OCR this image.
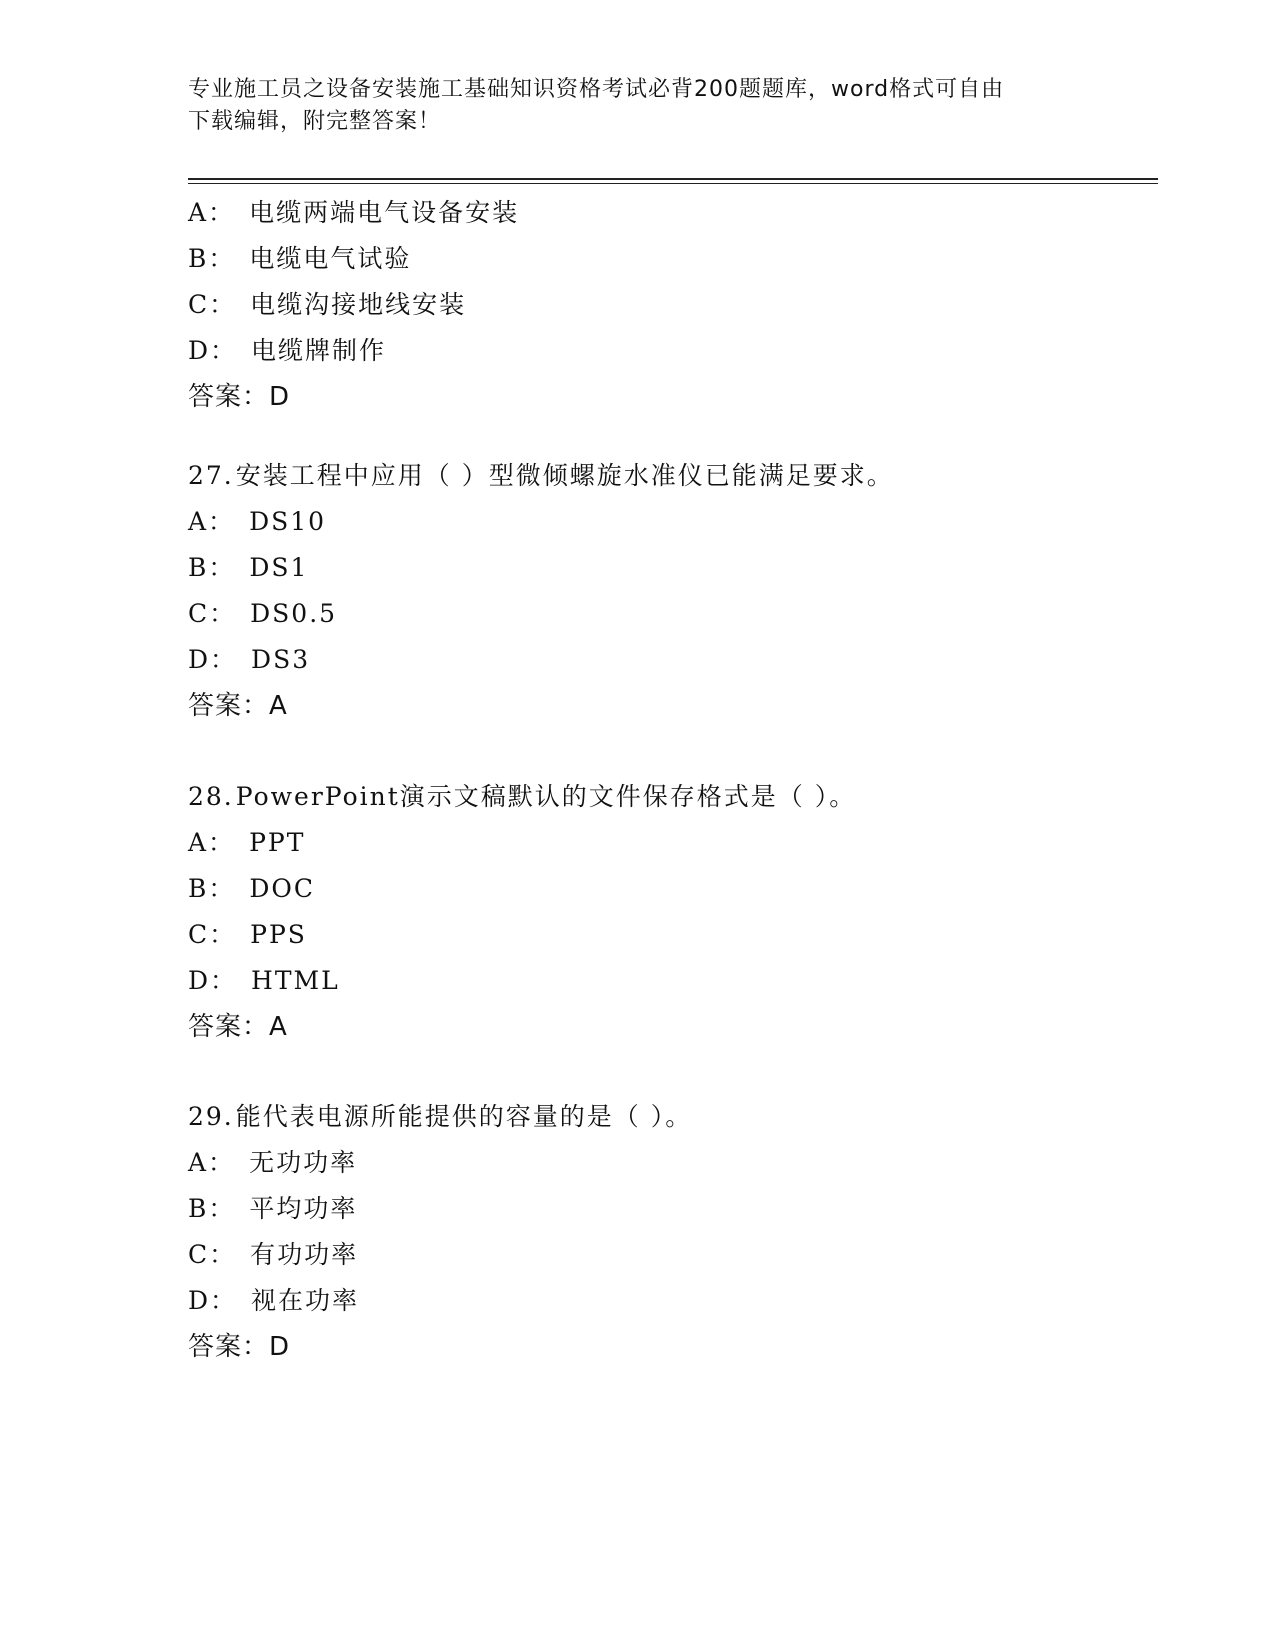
专业施工员之设备安装施工基础知识资格考试必背200题题库，word格式可自由
下载编辑，附完整答案！
A： 电缆两端电气设备安装
B： 电缆电气试验
C： 电缆沟接地线安装
D： 电缆牌制作
答案：D
27.安装工程中应用（ ）型微倾螺旋水准仪已能满足要求。
A： DS10
B： DS1
C： DS0.5
D： DS3
答案：A
28.PowerPoint演示文稿默认的文件保存格式是（ ）。
A： PPT
B： DOC
C： PPS
D： HTML
答案：A
29.能代表电源所能提供的容量的是（ ）。
A： 无功功率
B： 平均功率
C： 有功功率
D： 视在功率
答案：D
